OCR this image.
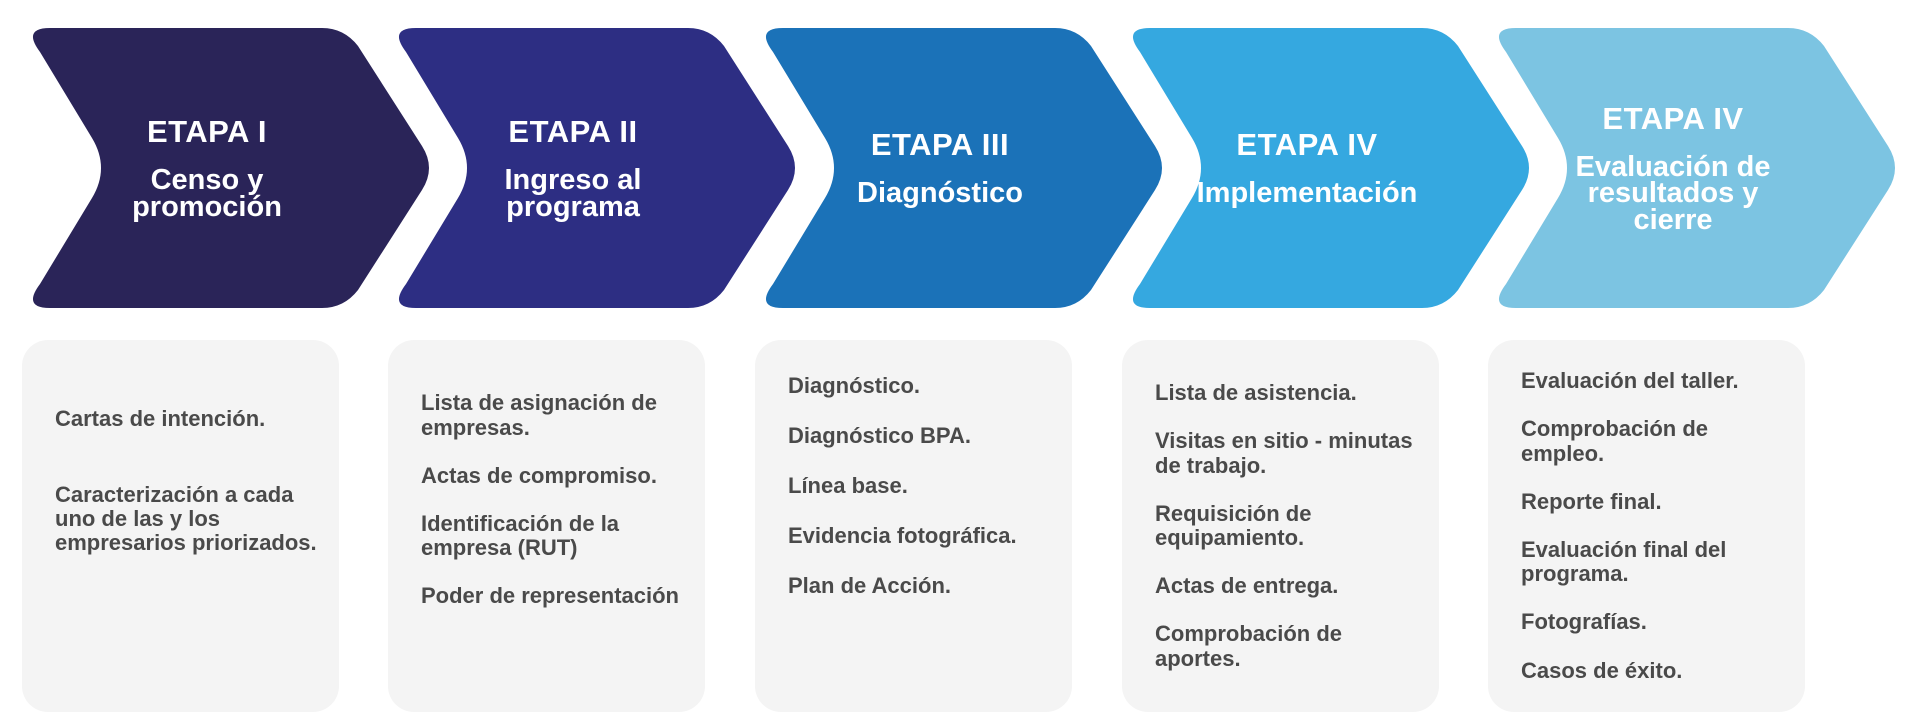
ETAPA I
Censo y promoción
ETAPA II
Ingreso al programa
ETAPA III
Diagnóstico
ETAPA IV
Implementación
ETAPA IV
Evaluación de resultados y cierre
Cartas de intención.
Caracterización a cada uno de las y los empresarios priorizados.
Lista de asignación de empresas.
Actas de compromiso.
Identificación de la empresa (RUT)
Poder de representación
Diagnóstico.
Diagnóstico BPA.
Línea base.
Evidencia fotográfica.
Plan de Acción.
Lista de asistencia.
Visitas en sitio - minutas de trabajo.
Requisición de equipamiento.
Actas de entrega.
Comprobación de aportes.
Evaluación del taller.
Comprobación de empleo.
Reporte final.
Evaluación final del programa.
Fotografías.
Casos de éxito.
